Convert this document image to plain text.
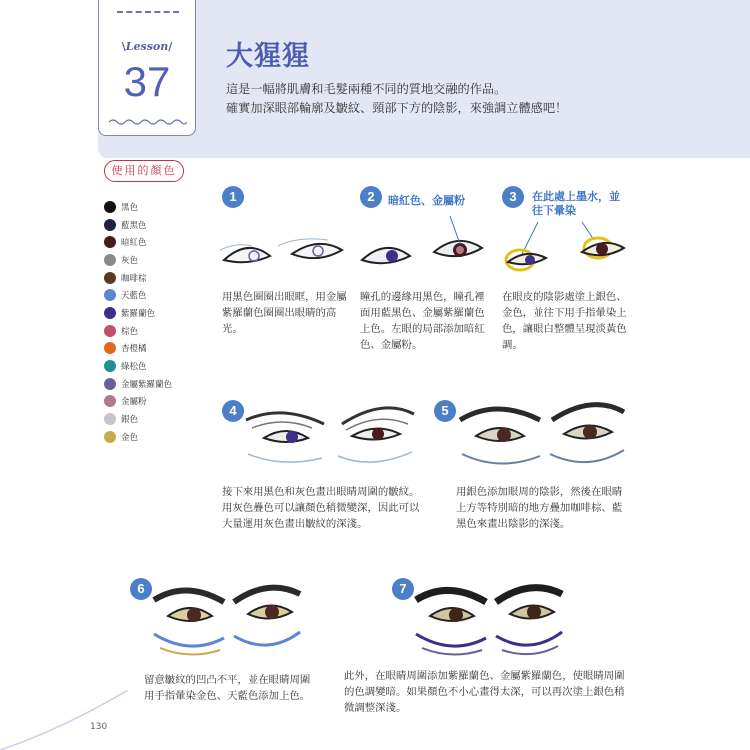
\Lesson/
37
大猩猩
這是一幅將肌膚和毛髮兩種不同的質地交融的作品。
確實加深眼部輪廓及皺紋、頸部下方的陰影，來強調立體感吧！
使用的顏色
黑色
藍黑色
暗紅色
灰色
咖啡棕
天藍色
紫羅蘭色
棕色
杏橙橘
綠松色
金屬紫羅蘭色
金屬粉
銀色
金色
1
用黑色圈圈出眼眶，用金屬紫羅蘭色圈圈出眼睛的高光。
2	暗紅色、金屬粉
瞳孔的邊緣用黑色，瞳孔裡面用藍黑色、金屬紫羅蘭色上色。左眼的局部添加暗紅色、金屬粉。
3	在此處上墨水，並往下暈染
在眼皮的陰影處塗上銀色、金色，並往下用手指暈染上色，讓眼白整體呈現淡黃色調。
4
接下來用黑色和灰色畫出眼睛周圍的皺紋。用灰色疊色可以讓顏色稍微變深，因此可以大量運用灰色畫出皺紋的深淺。
5
用銀色添加眼周的陰影，然後在眼睛上方等特別暗的地方疊加咖啡棕、藍黑色來畫出陰影的深淺。
6
留意皺紋的凹凸不平，並在眼睛周圍用手指暈染金色、天藍色添加上色。
7
此外，在眼睛周圍添加紫羅蘭色、金屬紫羅蘭色，使眼睛周圍的色調變暗。如果顏色不小心畫得太深，可以再次塗上銀色稍微調整深淺。
130
